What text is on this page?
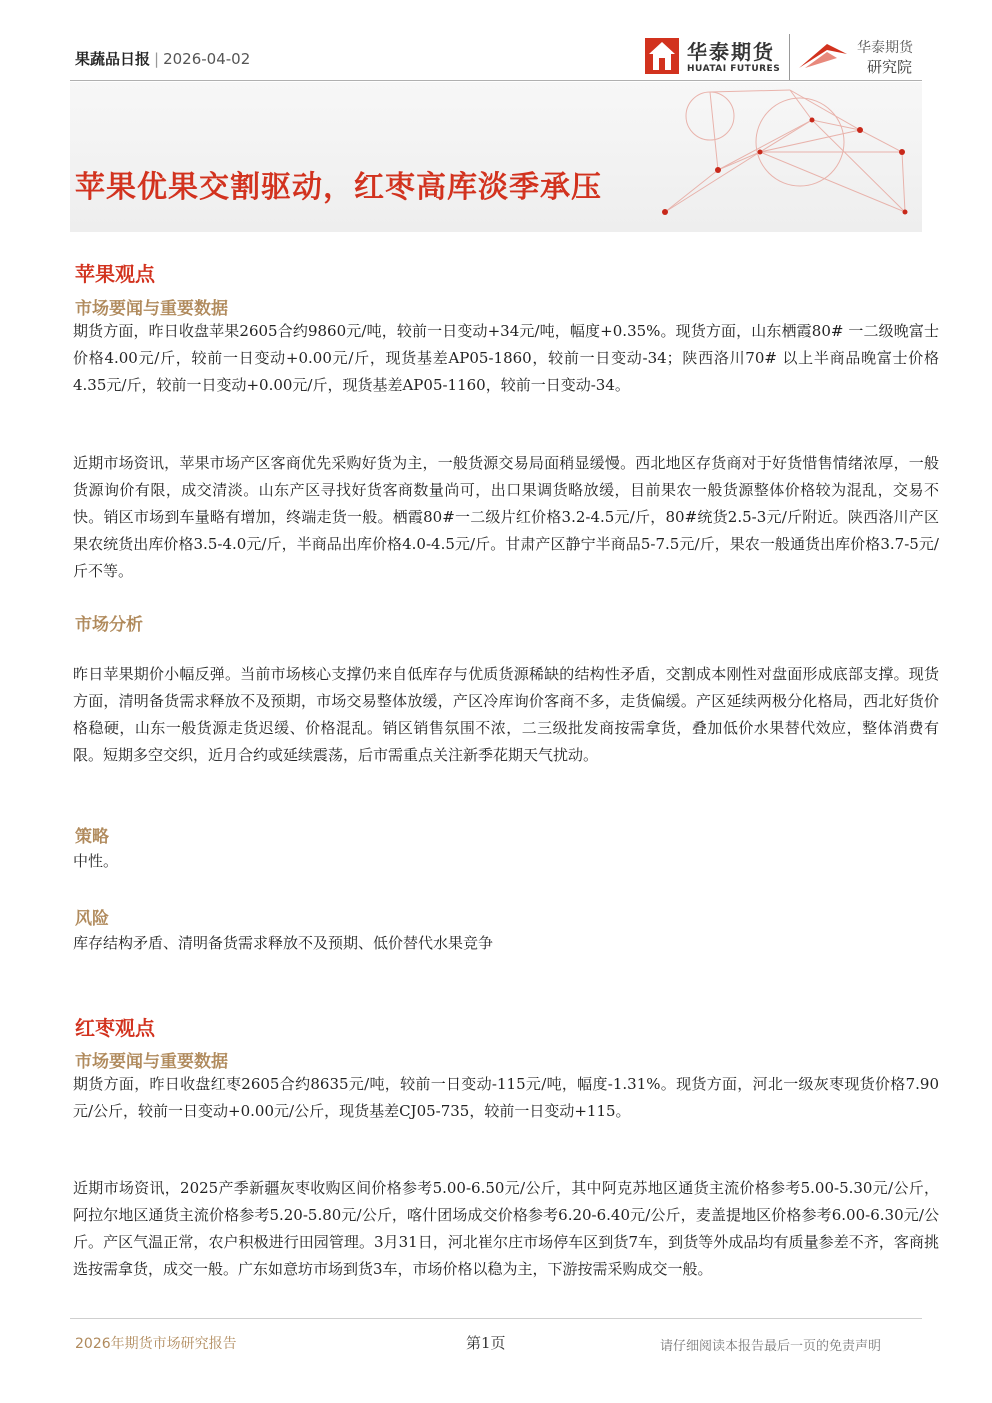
果蔬品日报 | 2026-04-02	华泰期货
HUATAI FUTURES
华泰期货
研究院
苹果优果交割驱动，红枣高库淡季承压
苹果观点
市场要闻与重要数据
期货方面，昨日收盘苹果2605合约9860元/吨，较前一日变动+34元/吨，幅度+0.35%。现货方面，山东栖霞80# 一二级晚富士价格4.00元/斤，较前一日变动+0.00元/斤，现货基差AP05-1860，较前一日变动-34；陕西洛川70# 以上半商品晚富士价格4.35元/斤，较前一日变动+0.00元/斤，现货基差AP05-1160，较前一日变动-34。
近期市场资讯，苹果市场产区客商优先采购好货为主，一般货源交易局面稍显缓慢。西北地区存货商对于好货惜售情绪浓厚，一般货源询价有限，成交清淡。山东产区寻找好货客商数量尚可，出口果调货略放缓，目前果农一般货源整体价格较为混乱，交易不快。销区市场到车量略有增加，终端走货一般。栖霞80#一二级片红价格3.2-4.5元/斤，80#统货2.5-3元/斤附近。陕西洛川产区果农统货出库价格3.5-4.0元/斤，半商品出库价格4.0-4.5元/斤。甘肃产区静宁半商品5-7.5元/斤，果农一般通货出库价格3.7-5元/斤不等。
市场分析
昨日苹果期价小幅反弹。当前市场核心支撑仍来自低库存与优质货源稀缺的结构性矛盾，交割成本刚性对盘面形成底部支撑。现货方面，清明备货需求释放不及预期，市场交易整体放缓，产区冷库询价客商不多，走货偏缓。产区延续两极分化格局，西北好货价格稳硬，山东一般货源走货迟缓、价格混乱。销区销售氛围不浓，二三级批发商按需拿货，叠加低价水果替代效应，整体消费有限。短期多空交织，近月合约或延续震荡，后市需重点关注新季花期天气扰动。
策略
中性。
风险
库存结构矛盾、清明备货需求释放不及预期、低价替代水果竞争
红枣观点
市场要闻与重要数据
期货方面，昨日收盘红枣2605合约8635元/吨，较前一日变动-115元/吨，幅度-1.31%。现货方面，河北一级灰枣现货价格7.90元/公斤，较前一日变动+0.00元/公斤，现货基差CJ05-735，较前一日变动+115。
近期市场资讯，2025产季新疆灰枣收购区间价格参考5.00-6.50元/公斤，其中阿克苏地区通货主流价格参考5.00-5.30元/公斤，阿拉尔地区通货主流价格参考5.20-5.80元/公斤，喀什团场成交价格参考6.20-6.40元/公斤，麦盖提地区价格参考6.00-6.30元/公斤。产区气温正常，农户积极进行田园管理。3月31日，河北崔尔庄市场停车区到货7车，到货等外成品均有质量参差不齐，客商挑选按需拿货，成交一般。广东如意坊市场到货3车，市场价格以稳为主，下游按需采购成交一般。
2026年期货市场研究报告	第1页	请仔细阅读本报告最后一页的免责声明
